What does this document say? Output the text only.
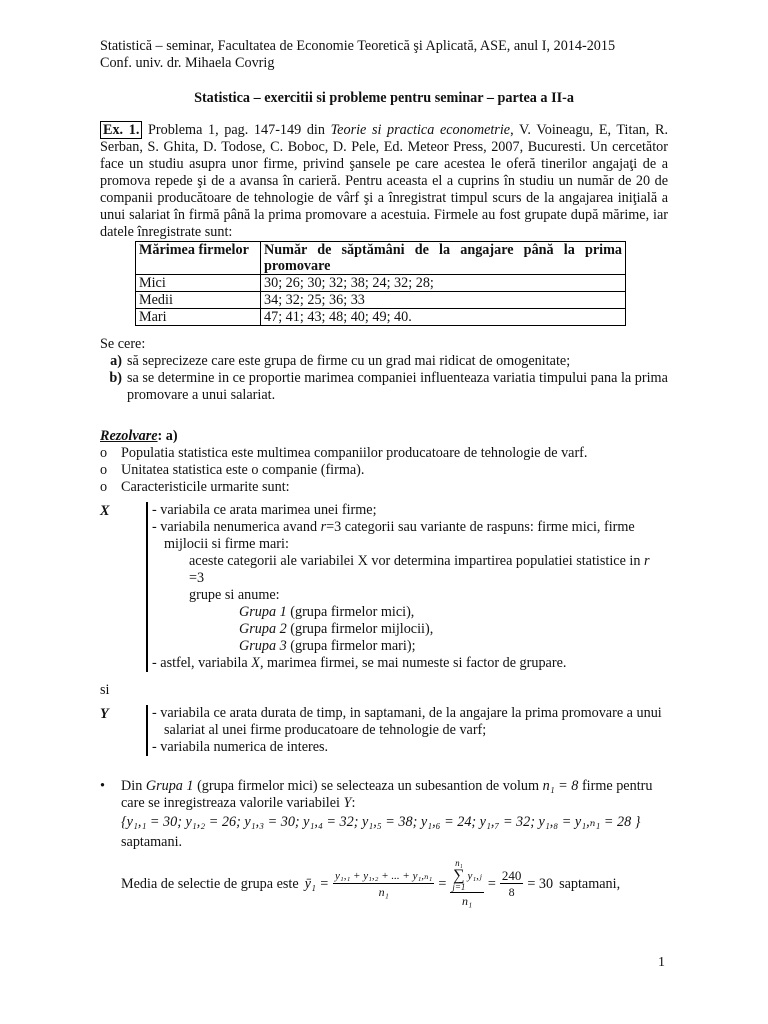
Statistică – seminar, Facultatea de Economie Teoretică şi Aplicată, ASE, anul I, 2014-2015
Conf. univ. dr. Mihaela Covrig
Statistica – exercitii si probleme pentru seminar – partea a II-a
Ex. 1. Problema 1, pag. 147-149 din Teorie si practica econometrie, V. Voineagu, E, Titan, R. Serban, S. Ghita, D. Todose, C. Boboc, D. Pele, Ed. Meteor Press, 2007, Bucuresti. Un cercetător face un studiu asupra unor firme, privind şansele pe care acestea le oferă tinerilor angajaţi de a promova repede şi de a avansa în carieră. Pentru aceasta el a cuprins în studiu un număr de 20 de companii producătoare de tehnologie de vârf şi a înregistrat timpul scurs de la angajarea iniţială a unui salariat în firmă până la prima promovare a acestuia. Firmele au fost grupate după mărime, iar datele înregistrate sunt:
Mărimea firmelor	Număr de săptămâni de la angajare până la prima promovare
Mici	30; 26; 30; 32; 38; 24; 32; 28;
Medii	34; 32; 25; 36; 33
Mari	47; 41; 43; 48; 40; 49; 40.
Se cere:
a) să seprecizeze care este grupa de firme cu un grad mai ridicat de omogenitate;
b) sa se determine in ce proportie marimea companiei influenteaza variatia timpului pana la prima promovare a unui salariat.
Rezolvare: a)
o Populatia statistica este multimea companiilor producatoare de tehnologie de varf.
o Unitatea statistica este o companie (firma).
o Caracteristicile urmarite sunt:
X	- variabila ce arata marimea unei firme;
- variabila nenumerica avand r=3 categorii sau variante de raspuns: firme mici, firme
mijlocii si firme mari:
aceste categorii ale variabilei X vor determina impartirea populatiei statistice in r =3
grupe si anume:
Grupa 1 (grupa firmelor mici),
Grupa 2 (grupa firmelor mijlocii),
Grupa 3 (grupa firmelor mari);
- astfel, variabila X, marimea firmei, se mai numeste si factor de grupare.
si
Y	- variabila ce arata durata de timp, in saptamani, de la angajare la prima promovare a unui
salariat al unei firme producatoare de tehnologie de varf;
- variabila numerica de interes.
•	Din Grupa 1 (grupa firmelor mici) se selecteaza un subesantion de volum n₁ = 8 firme pentru care se inregistreaza valorile variabilei Y:
{y₁,₁ = 30; y₁,₂ = 26; y₁,₃ = 30; y₁,₄ = 32; y₁,₅ = 38; y₁,₆ = 24; y₁,₇ = 32; y₁,₈ = y₁,ₙ₁ = 28 }
saptamani.
Media de selectie de grupa este ȳ₁ = $\frac{\text{y₁,₁ + y₁,₂ + ... + y₁,ₙ₁}}{\text{n₁}} = n_1$
∑
j=1
y₁,ⱼ
$n_1 = \frac{240}{8} = 30$ saptamani,
1
